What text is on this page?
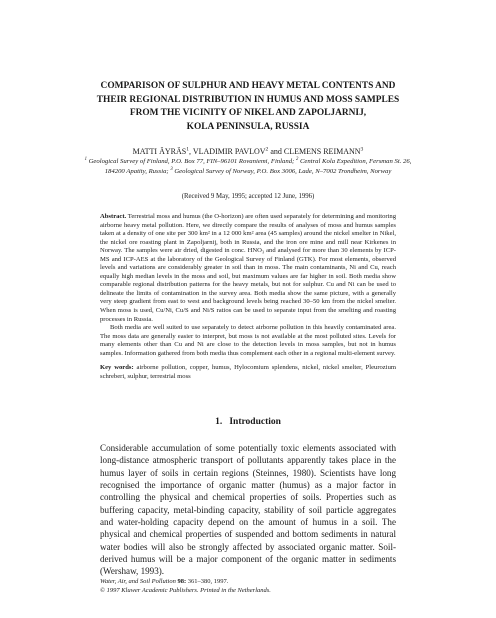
COMPARISON OF SULPHUR AND HEAVY METAL CONTENTS AND
THEIR REGIONAL DISTRIBUTION IN HUMUS AND MOSS SAMPLES
FROM THE VICINITY OF NIKEL AND ZAPOLJARNIJ,
KOLA PENINSULA, RUSSIA
MATTI ÄYRÄS$^1$, VLADIMIR PAVLOV$^2$ and CLEMENS REIMANN$^3$
$^1$ Geological Survey of Finland, P.O. Box 77, FIN–96101 Rovaniemi, Finland; $^2$ Central Kola Expedition, Fersman St. 26, 184200 Apatity, Russia; $^3$ Geological Survey of Norway, P.O. Box 3006, Lade, N–7002 Trondheim, Norway
(Received 9 May, 1995; accepted 12 June, 1996)

Abstract. Terrestrial moss and humus (the O-horizon) are often used separately for determining and monitoring airborne heavy metal pollution. Here, we directly compare the results of analyses of moss and humus samples taken at a density of one site per 300 km² in a 12 000 km² area (45 samples) around the nickel smelter in Nikel, the nickel ore roasting plant in Zapoljarnij, both in Russia, and the iron ore mine and mill near Kirkenes in Norway. The samples were air dried, digested in conc. HNO₃ and analysed for more than 30 elements by ICP-MS and ICP-AES at the laboratory of the Geological Survey of Finland (GTK). For most elements, observed levels and variations are considerably greater in soil than in moss. The main contaminants, Ni and Cu, reach equally high median levels in the moss and soil, but maximum values are far higher in soil. Both media show comparable regional distribution patterns for the heavy metals, but not for sulphur. Cu and Ni can be used to delineate the limits of contamination in the survey area. Both media show the same picture, with a generally very steep gradient from east to west and background levels being reached 30–50 km from the nickel smelter. When moss is used, Cu/Ni, Cu/S and Ni/S ratios can be used to separate input from the smelting and roasting processes in Russia.

Both media are well suited to use separately to detect airborne pollution in this heavily contaminated area. The moss data are generally easier to interpret, but moss is not available at the most polluted sites. Levels for many elements other than Cu and Ni are close to the detection levels in moss samples, but not in humus samples. Information gathered from both media thus complement each other in a regional multi-element survey.

Key words: airborne pollution, copper, humus, Hylocomium splendens, nickel, nickel smelter, Pleurozium schreberi, sulphur, terrestrial moss

1. Introduction

Considerable accumulation of some potentially toxic elements associated with long-distance atmospheric transport of pollutants apparently takes place in the humus layer of soils in certain regions (Steinnes, 1980). Scientists have long recognised the importance of organic matter (humus) as a major factor in controlling the physical and chemical properties of soils. Properties such as buffering capacity, metal-binding capacity, stability of soil particle aggregates and water-holding capacity depend on the amount of humus in a soil. The physical and chemical properties of suspended and bottom sediments in natural water bodies will also be strongly affected by associated organic matter. Soil-derived humus will be a major component of the organic matter in sediments (Wershaw, 1993).

Water, Air, and Soil Pollution 98: 361–380, 1997.
© 1997 Kluwer Academic Publishers. Printed in the Netherlands.
